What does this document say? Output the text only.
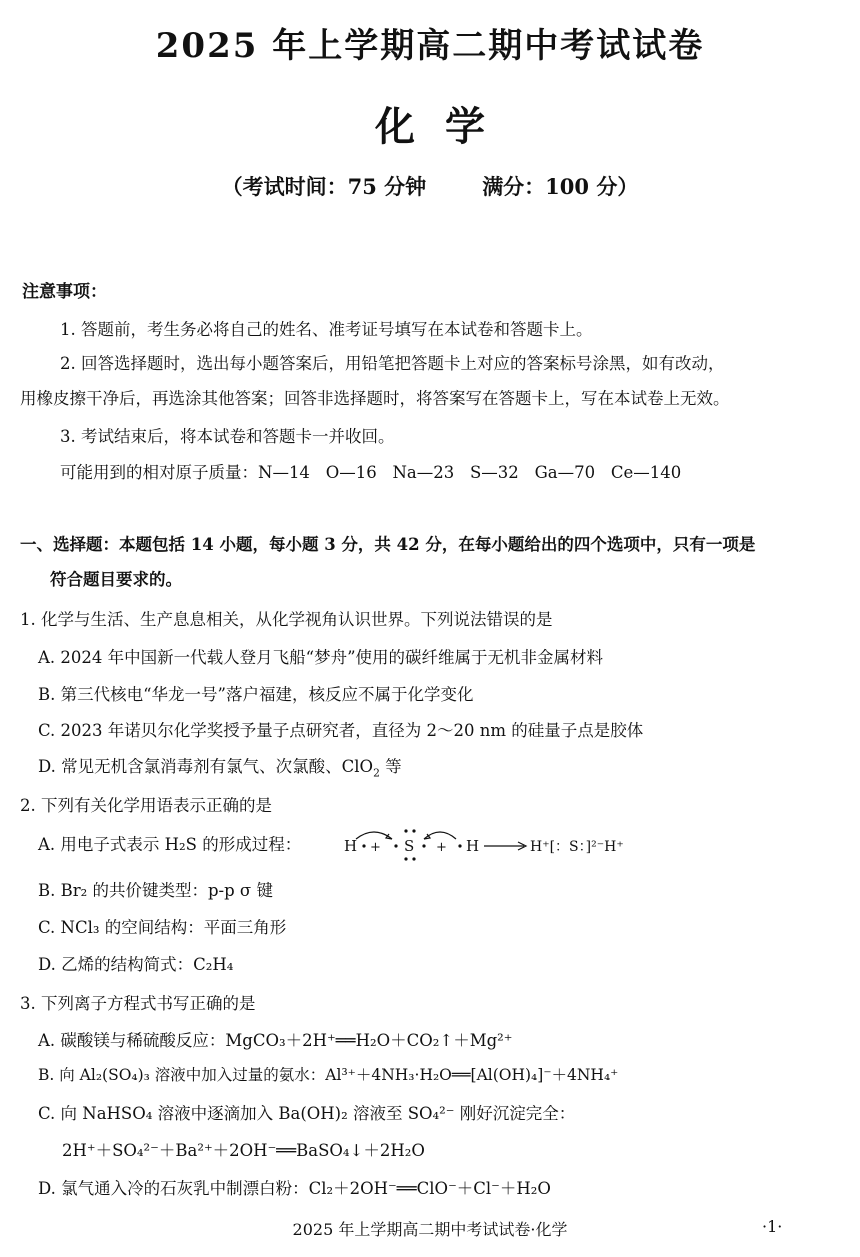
2025 年上学期高二期中考试试卷
化学
（考试时间：75 分钟	满分：100 分）
注意事项：
1. 答题前，考生务必将自己的姓名、准考证号填写在本试卷和答题卡上。
2. 回答选择题时，选出每小题答案后，用铅笔把答题卡上对应的答案标号涂黑，如有改动，
用橡皮擦干净后，再选涂其他答案；回答非选择题时，将答案写在答题卡上，写在本试卷上无效。
3. 考试结束后，将本试卷和答题卡一并收回。
可能用到的相对原子质量：N—14 O—16 Na—23 S—32 Ga—70 Ce—140
一、选择题：本题包括 14 小题，每小题 3 分，共 42 分，在每小题给出的四个选项中，只有一项是
符合题目要求的。
1. 化学与生活、生产息息相关，从化学视角认识世界。下列说法错误的是
A. 2024 年中国新一代载人登月飞船“梦舟”使用的碳纤维属于无机非金属材料
B. 第三代核电“华龙一号”落户福建，核反应不属于化学变化
C. 2023 年诺贝尔化学奖授予量子点研究者，直径为 2～20 nm 的硅量子点是胶体
D. 常见无机含氯消毒剂有氯气、次氯酸、ClO$_2$ 等
2. 下列有关化学用语表示正确的是
A. 用电子式表示 H₂S 的形成过程：	H + S + H	H⁺[：S：]²⁻H⁺
B. Br₂ 的共价键类型：p-p σ 键
C. NCl₃ 的空间结构：平面三角形
D. 乙烯的结构简式：C₂H₄
3. 下列离子方程式书写正确的是
A. 碳酸镁与稀硫酸反应：MgCO₃＋2H⁺══H₂O＋CO₂↑＋Mg²⁺
B. 向 Al₂(SO₄)₃ 溶液中加入过量的氨水：Al³⁺＋4NH₃·H₂O══[Al(OH)₄]⁻＋4NH₄⁺
C. 向 NaHSO₄ 溶液中逐滴加入 Ba(OH)₂ 溶液至 SO₄²⁻ 刚好沉淀完全：
2H⁺＋SO₄²⁻＋Ba²⁺＋2OH⁻══BaSO₄↓＋2H₂O
D. 氯气通入冷的石灰乳中制漂白粉：Cl₂＋2OH⁻══ClO⁻＋Cl⁻＋H₂O
2025 年上学期高二期中考试试卷·化学	·1·
